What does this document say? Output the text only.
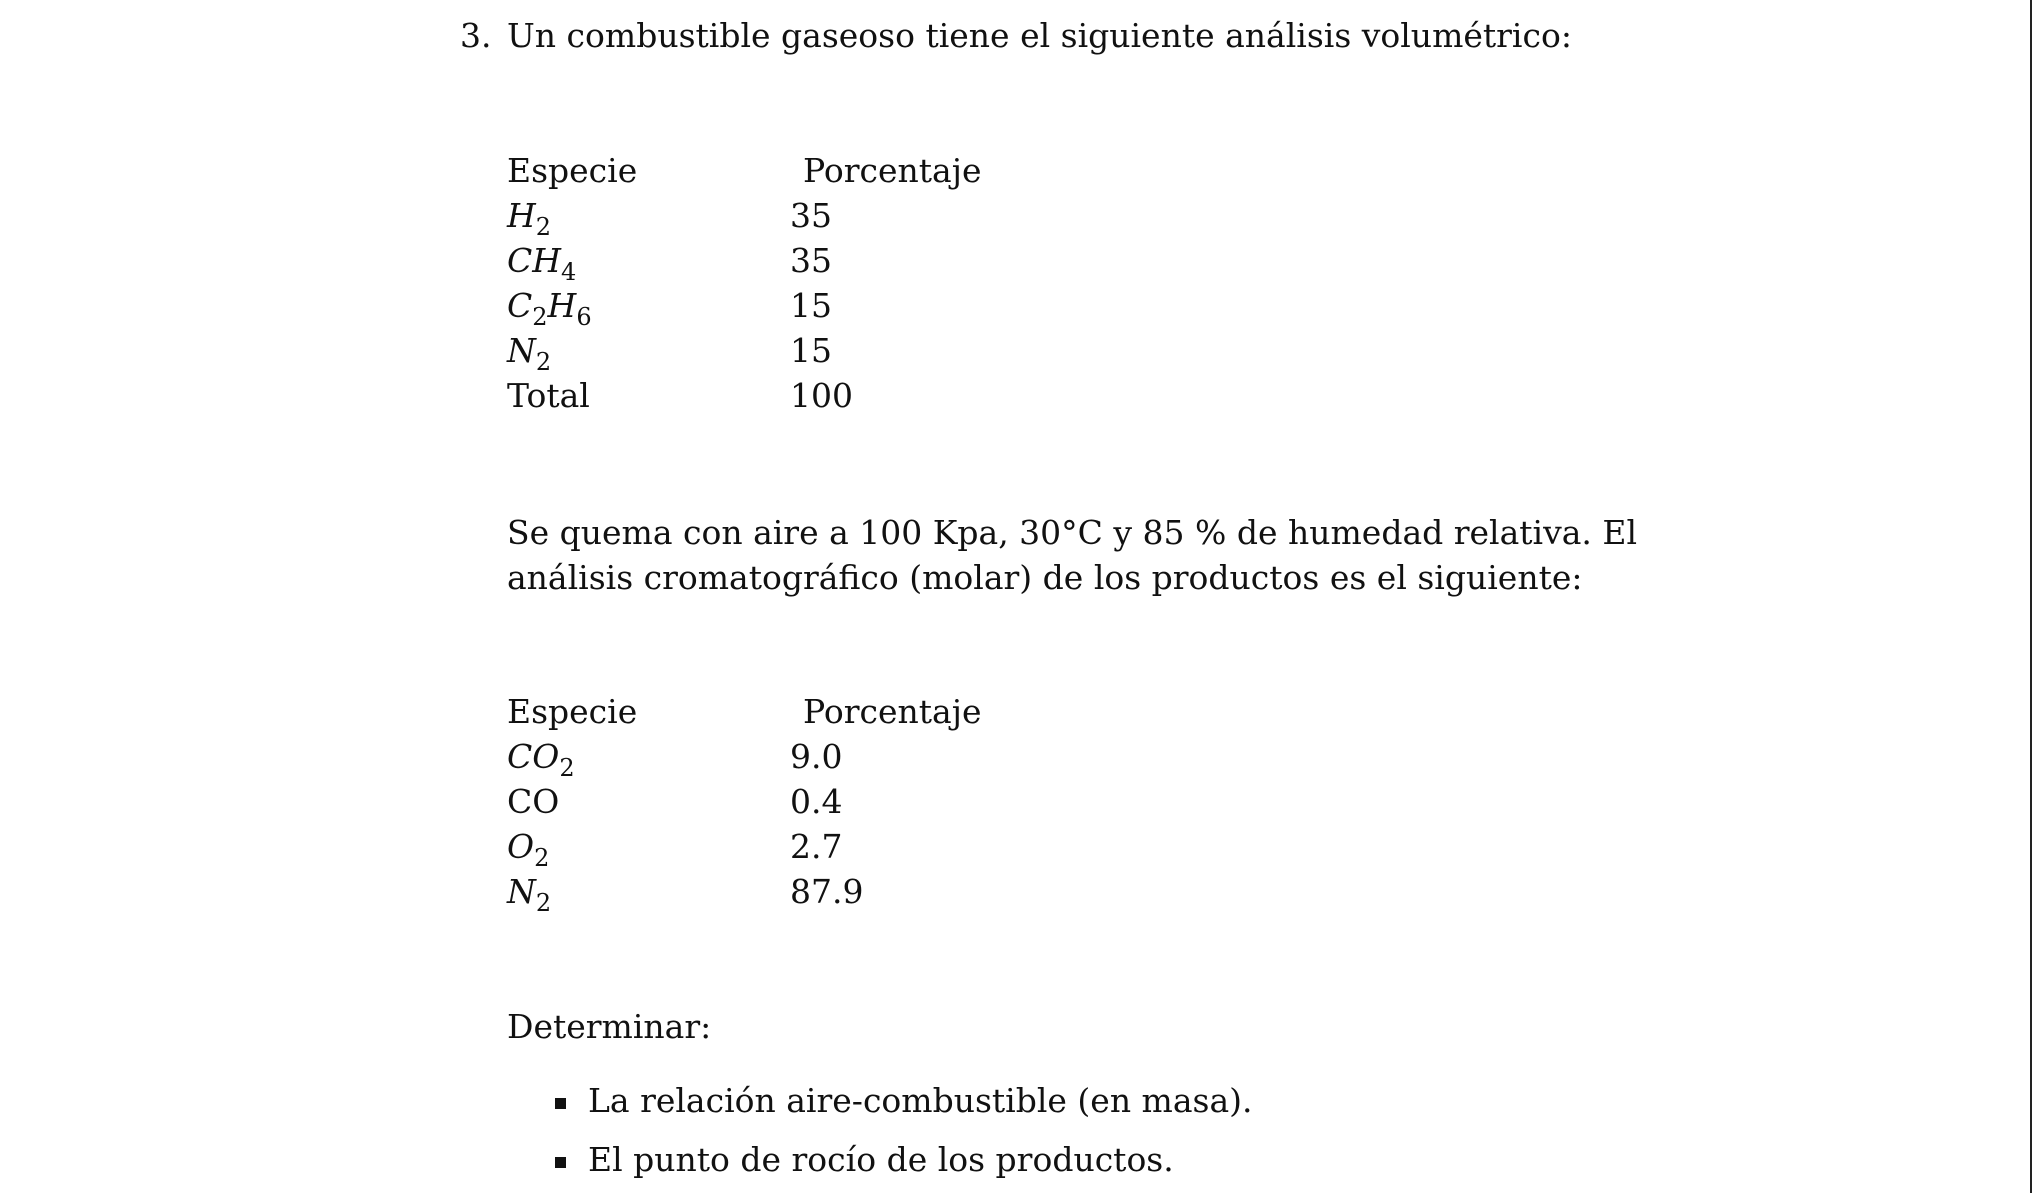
3. Un combustible gaseoso tiene el siguiente análisis volumétrico:
Especie	Porcentaje
$H_2$	35
$CH_4$	35
$C_2H_6$	15
$N_2$	15
Total	100
Se quema con aire a 100 Kpa, 30°C y 85 % de humedad relativa. El
análisis cromatográfico (molar) de los productos es el siguiente:
Especie	Porcentaje
$CO_2$	9.0
CO	0.4
$O_2$	2.7
$N_2$	87.9
Determinar:
La relación aire-combustible (en masa).
El punto de rocío de los productos.
